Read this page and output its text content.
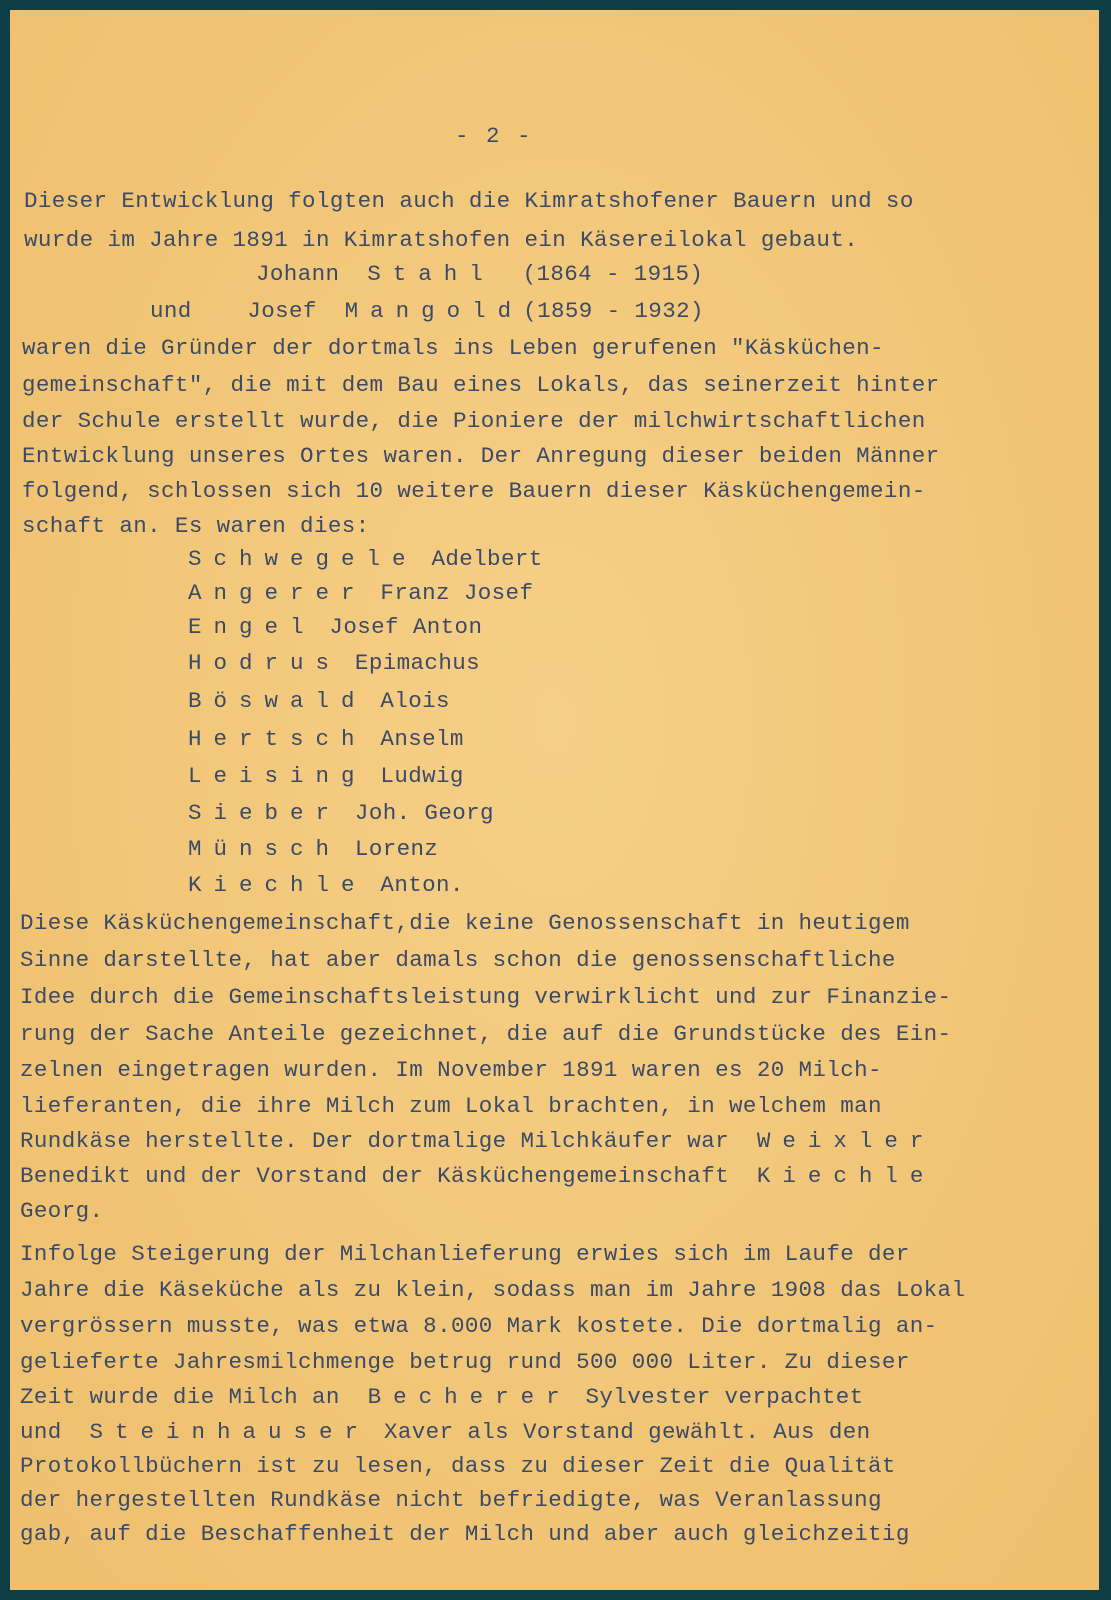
- 2 -
Dieser Entwicklung folgten auch die Kimratshofener Bauern und so
wurde im Jahre 1891 in Kimratshofen ein Käsereilokal gebaut.
Johann Stahl (1864 - 1915)
und Josef Mangold(1859 - 1932)
waren die Gründer der dortmals ins Leben gerufenen "Käsküchen-
gemeinschaft", die mit dem Bau eines Lokals, das seinerzeit hinter
der Schule erstellt wurde, die Pioniere der milchwirtschaftlichen
Entwicklung unseres Ortes waren. Der Anregung dieser beiden Männer
folgend, schlossen sich 10 weitere Bauern dieser Käsküchengemein-
schaft an. Es waren dies:
Schwegele Adelbert
Angerer Franz Josef
Engel Josef Anton
Hodrus Epimachus
Böswald Alois
Hertsch Anselm
Leising Ludwig
Sieber Joh. Georg
Münsch Lorenz
Kiechle Anton.
Diese Käsküchengemeinschaft,die keine Genossenschaft in heutigem
Sinne darstellte, hat aber damals schon die genossenschaftliche
Idee durch die Gemeinschaftsleistung verwirklicht und zur Finanzie-
rung der Sache Anteile gezeichnet, die auf die Grundstücke des Ein-
zelnen eingetragen wurden. Im November 1891 waren es 20 Milch-
lieferanten, die ihre Milch zum Lokal brachten, in welchem man
Rundkäse herstellte. Der dortmalige Milchkäufer war Weixler
Benedikt und der Vorstand der Käsküchengemeinschaft Kiechle
Georg.
Infolge Steigerung der Milchanlieferung erwies sich im Laufe der
Jahre die Käseküche als zu klein, sodass man im Jahre 1908 das Lokal
vergrössern musste, was etwa 8.000 Mark kostete. Die dortmalig an-
gelieferte Jahresmilchmenge betrug rund 500 000 Liter. Zu dieser
Zeit wurde die Milch an Becherer Sylvester verpachtet
und Steinhauser Xaver als Vorstand gewählt. Aus den
Protokollbüchern ist zu lesen, dass zu dieser Zeit die Qualität
der hergestellten Rundkäse nicht befriedigte, was Veranlassung
gab, auf die Beschaffenheit der Milch und aber auch gleichzeitig
